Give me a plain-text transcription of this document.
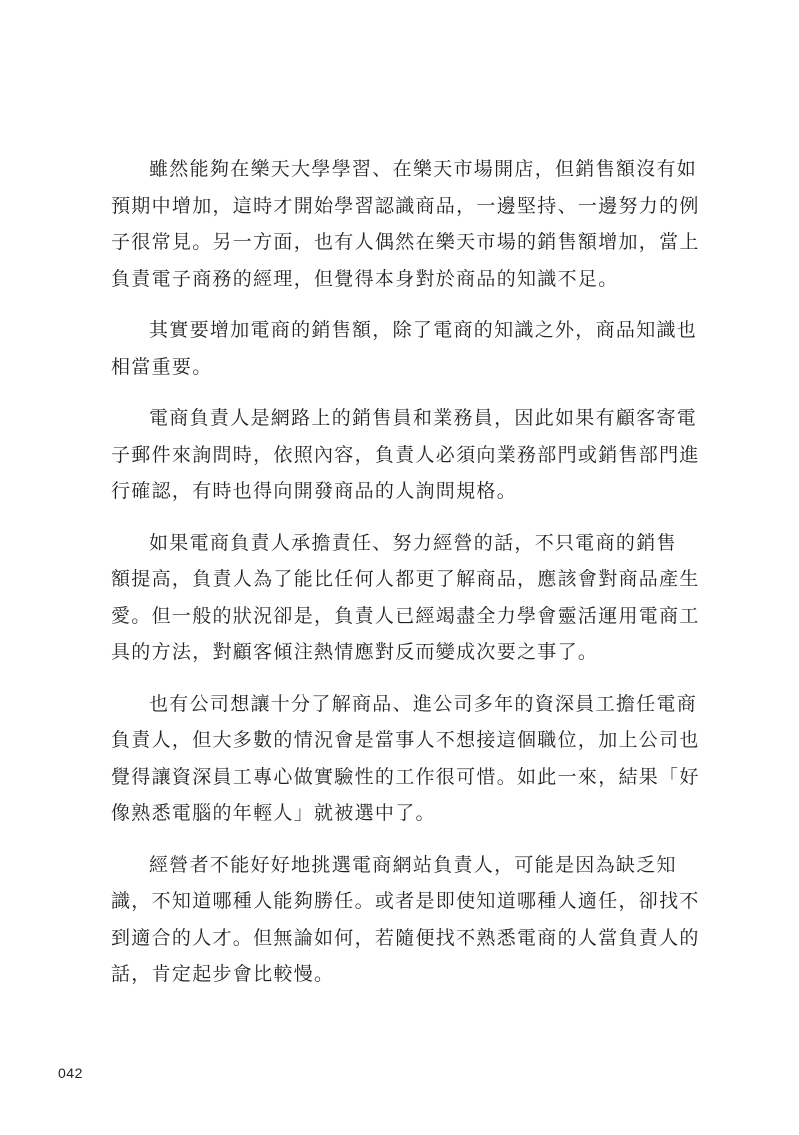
雖然能夠在樂天大學學習、在樂天市場開店，但銷售額沒有如
預期中增加，這時才開始學習認識商品，一邊堅持、一邊努力的例
子很常見。另一方面，也有人偶然在樂天市場的銷售額增加，當上
負責電子商務的經理，但覺得本身對於商品的知識不足。

其實要增加電商的銷售額，除了電商的知識之外，商品知識也
相當重要。

電商負責人是網路上的銷售員和業務員，因此如果有顧客寄電
子郵件來詢問時，依照內容，負責人必須向業務部門或銷售部門進
行確認，有時也得向開發商品的人詢問規格。

如果電商負責人承擔責任、努力經營的話，不只電商的銷售
額提高，負責人為了能比任何人都更了解商品，應該會對商品產生
愛。但一般的狀況卻是，負責人已經竭盡全力學會靈活運用電商工
具的方法，對顧客傾注熱情應對反而變成次要之事了。

也有公司想讓十分了解商品、進公司多年的資深員工擔任電商
負責人，但大多數的情況會是當事人不想接這個職位，加上公司也
覺得讓資深員工專心做實驗性的工作很可惜。如此一來，結果「好
像熟悉電腦的年輕人」就被選中了。

經營者不能好好地挑選電商網站負責人，可能是因為缺乏知
識，不知道哪種人能夠勝任。或者是即使知道哪種人適任，卻找不
到適合的人才。但無論如何，若隨便找不熟悉電商的人當負責人的
話，肯定起步會比較慢。

042
